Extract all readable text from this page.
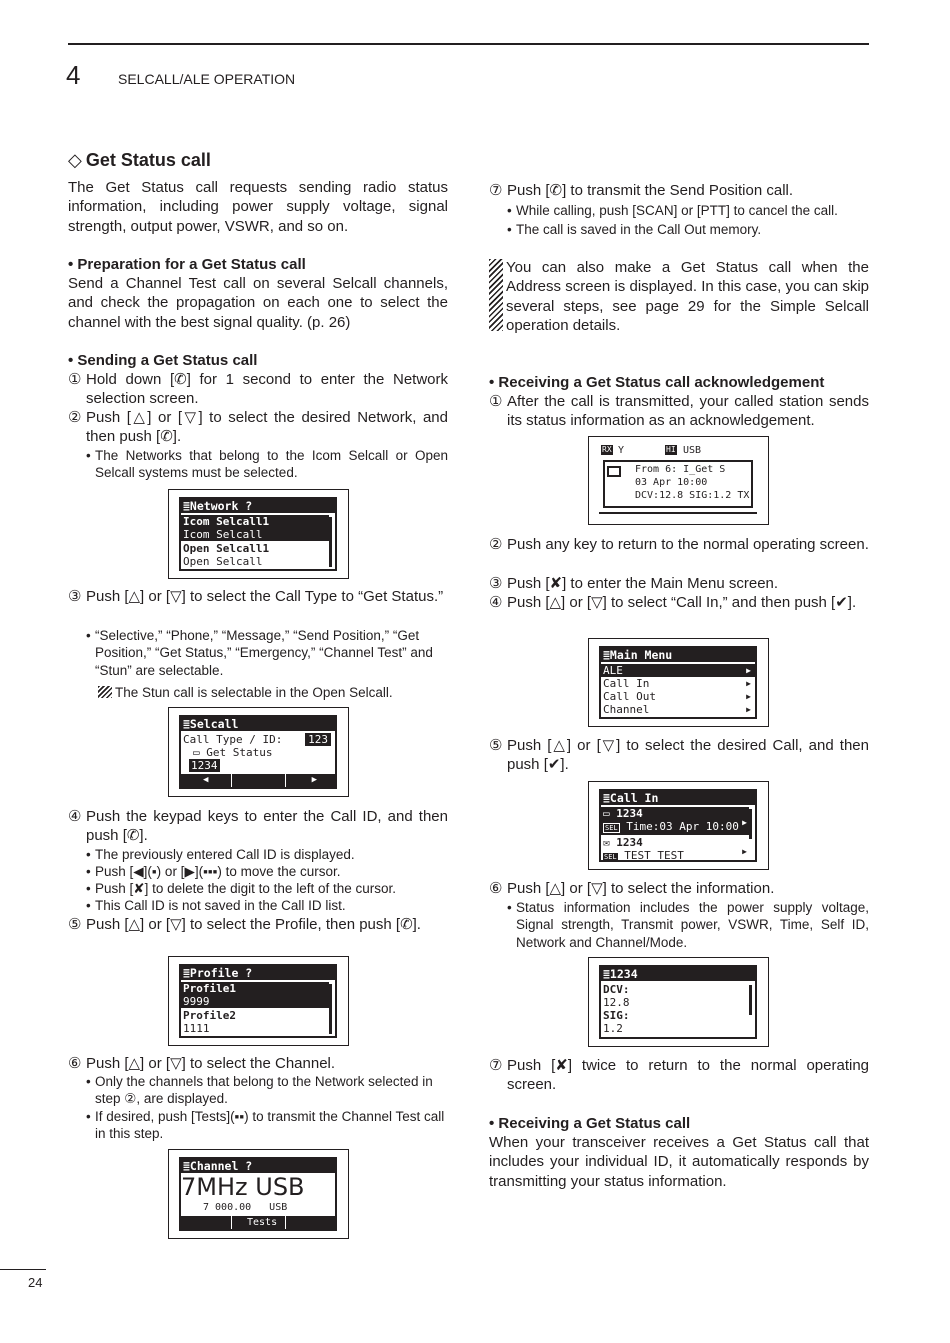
4	SELCALL/ALE OPERATION
◇ Get Status call
The Get Status call requests sending radio status information, including power supply voltage, signal strength, output power, VSWR, and so on.
• Preparation for a Get Status call
Send a Channel Test call on several Selcall channels, and check the propagation on each one to select the channel with the best signal quality. (p. 26)
• Sending a Get Status call
① Hold down [✆] for 1 second to enter the Network selection screen.
② Push [△] or [▽] to select the desired Network, and then push [✆].
• The Networks that belong to the Icom Selcall or Open Selcall systems must be selected.
≣Network ?
Icom Selcall1
Icom Selcall
Open Selcall1
Open Selcall
③ Push [△] or [▽] to select the Call Type to “Get Status.”
• “Selective,” “Phone,” “Message,” “Send Position,” “Get Position,” “Get Status,” “Emergency,” “Channel Test” and “Stun” are selectable.
The Stun call is selectable in the Open Selcall.
≣Selcall
Call Type / ID: 123
▭ Get Status
1234
◀	▶
④ Push the keypad keys to enter the Call ID, and then push [✆].
• The previously entered Call ID is displayed.
• Push [◀](▪) or [▶](▪▪▪) to move the cursor.
• Push [✘] to delete the digit to the left of the cursor.
• This Call ID is not saved in the Call ID list.
⑤ Push [△] or [▽] to select the Profile, then push [✆].
≣Profile ?
Profile1
9999
Profile2
1111
⑥ Push [△] or [▽] to select the Channel.
• Only the channels that belong to the Network selected in step ②, are displayed.
• If desired, push [Tests](▪▪) to transmit the Channel Test call in this step.
≣Channel ?
7MHz USB
7 000.00 USB
Tests
⑦ Push [✆] to transmit the Send Position call.
• While calling, push [SCAN] or [PTT] to cancel the call.
• The call is saved in the Call Out memory.
You can also make a Get Status call when the Address screen is displayed. In this case, you can skip several steps, see page 29 for the Simple Selcall operation details.
• Receiving a Get Status call acknowledgement
① After the call is transmitted, your called station sends its status information as an acknowledgement.
RX Y	HI USB
From 6: I_Get S
03 Apr 10:00
DCV:12.8 SIG:1.2 TX
② Push any key to return to the normal operating screen.
③ Push [✘] to enter the Main Menu screen.
④ Push [△] or [▽] to select “Call In,” and then push [✔].
≣Main Menu
ALE	▶
Call In	▶
Call Out	▶
Channel	▶
⑤ Push [△] or [▽] to select the desired Call, and then push [✔].
≣Call In
▭ 1234
SEL Time:03 Apr 10:00 ▶
✉ 1234
SEL TEST TEST	▶
⑥ Push [△] or [▽] to select the information.
• Status information includes the power supply voltage, Signal strength, Transmit power, VSWR, Time, Self ID, Network and Channel/Mode.
≣1234
DCV:
12.8
SIG:
1.2
⑦ Push [✘] twice to return to the normal operating screen.
• Receiving a Get Status call
When your transceiver receives a Get Status call that includes your individual ID, it automatically responds by transmitting your status information.
24
